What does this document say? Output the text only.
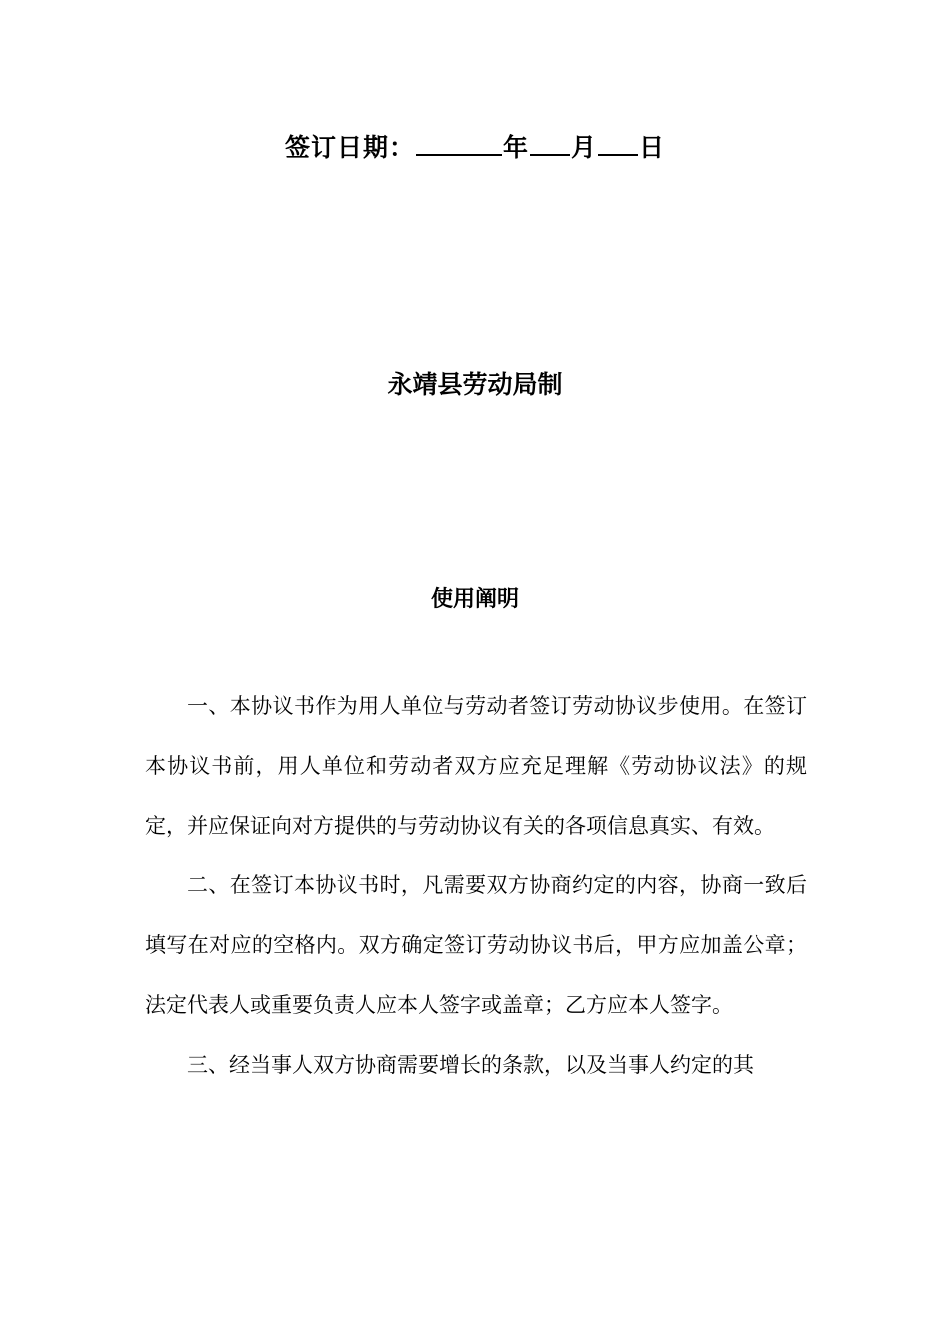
签订日期：	年 月 日
永靖县劳动局制
使用阐明

一、本协议书作为用人单位与劳动者签订劳动协议步使用。在签订本协议书前，用人单位和劳动者双方应充足理解《劳动协议法》的规定，并应保证向对方提供的与劳动协议有关的各项信息真实、有效。

二、在签订本协议书时，凡需要双方协商约定的内容，协商一致后填写在对应的空格内。双方确定签订劳动协议书后，甲方应加盖公章；法定代表人或重要负责人应本人签字或盖章；乙方应本人签字。

三、经当事人双方协商需要增长的条款，以及当事人约定的其
